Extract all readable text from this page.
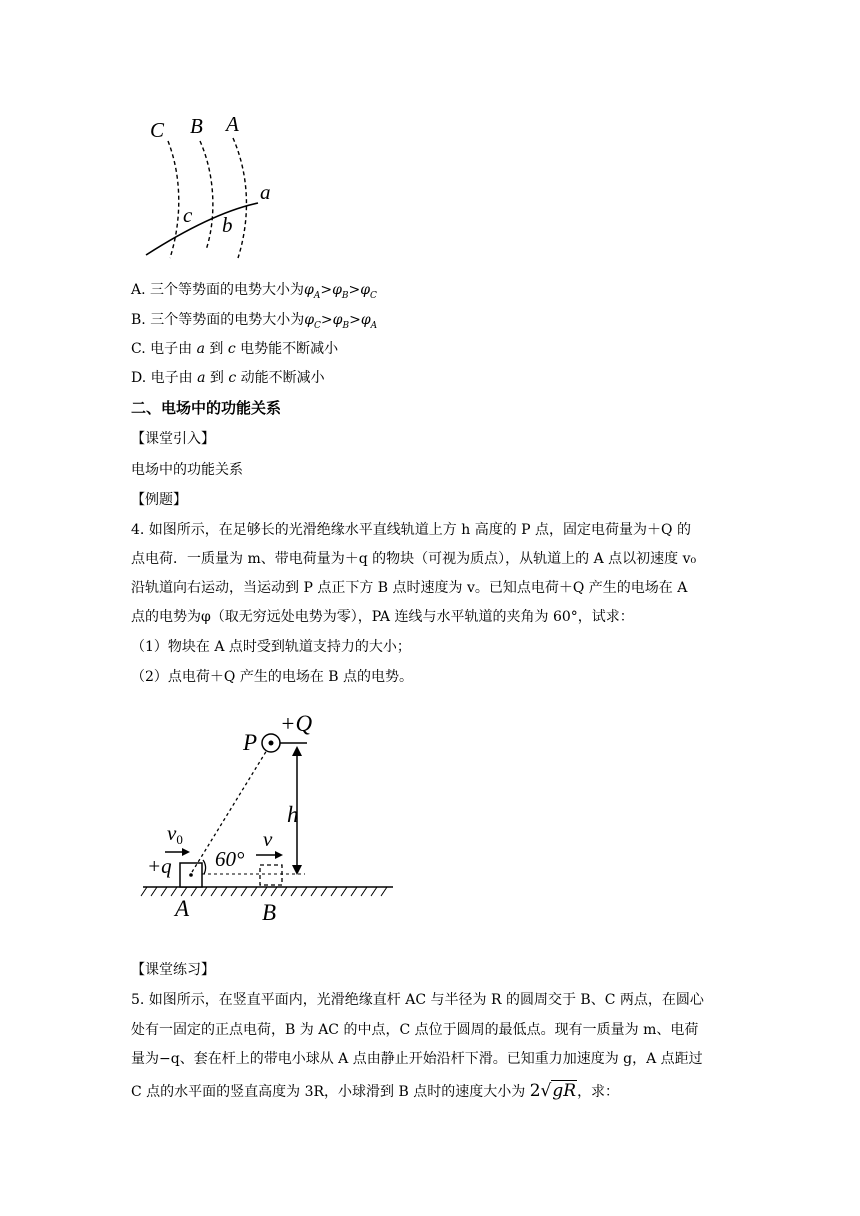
C B A
a
c b
A. 三个等势面的电势大小为$\varphi_A>\varphi_B>\varphi_C$
B. 三个等势面的电势大小为$\varphi_C>\varphi_B>\varphi_A$
C. 电子由 a 到 c 电势能不断减小
D. 电子由 a 到 c 动能不断减小
二、电场中的功能关系
【课堂引入】
电场中的功能关系
【例题】
4. 如图所示，在足够长的光滑绝缘水平直线轨道上方 h 高度的 P 点，固定电荷量为＋Q 的
点电荷．一质量为 m、带电荷量为＋q 的物块（可视为质点），从轨道上的 A 点以初速度 v₀
沿轨道向右运动，当运动到 P 点正下方 B 点时速度为 v。已知点电荷＋Q 产生的电场在 A
点的电势为φ（取无穷远处电势为零），PA 连线与水平轨道的夹角为 60°，试求：
（1）物块在 A 点时受到轨道支持力的大小；
（2）点电荷＋Q 产生的电场在 B 点的电势。
P
+Q
h
v0	v
+q 60°
A	B
【课堂练习】
5. 如图所示，在竖直平面内，光滑绝缘直杆 AC 与半径为 R 的圆周交于 B、C 两点，在圆心
处有一固定的正点电荷，B 为 AC 的中点，C 点位于圆周的最低点。现有一质量为 m、电荷
量为−q、套在杆上的带电小球从 A 点由静止开始沿杆下滑。已知重力加速度为 g，A 点距过
C 点的水平面的竖直高度为 3R，小球滑到 B 点时的速度大小为 2√gR，求：
